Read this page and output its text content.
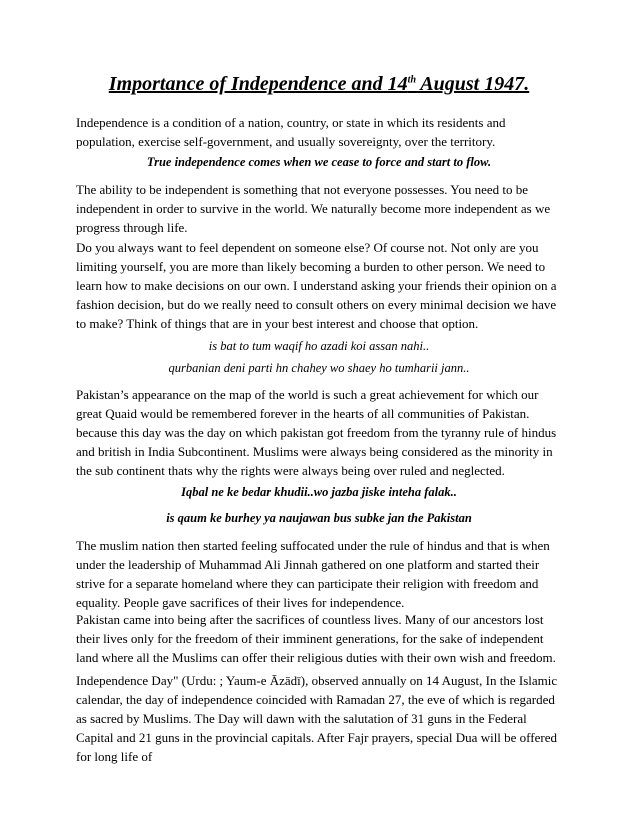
Importance of Independence and 14th August 1947.
Independence is a condition of a nation, country, or state in which its residents and population, exercise self-government, and usually sovereignty, over the territory.
True independence comes when we cease to force and start to flow.
The ability to be independent is something that not everyone possesses. You need to be independent in order to survive in the world. We naturally become more independent as we progress through life.
Do you always want to feel dependent on someone else? Of course not. Not only are you limiting yourself, you are more than likely becoming a burden to other person. We need to learn how to make decisions on our own. I understand asking your friends their opinion on a fashion decision, but do we really need to consult others on every minimal decision we have to make? Think of things that are in your best interest and choose that option.
is bat to tum waqif ho azadi koi assan nahi..
qurbanian deni parti hn chahey wo shaey ho tumharii jann..
Pakistan’s appearance on the map of the world is such a great achievement for which our great Quaid would be remembered forever in the hearts of all communities of Pakistan. because this day was the day on which pakistan got freedom from the tyranny rule of hindus and british in India Subcontinent. Muslims were always being considered as the minority in the sub continent thats why the rights were always being over ruled and neglected.
Iqbal ne ke bedar khudii..wo jazba jiske inteha falak..
is qaum ke burhey ya naujawan bus subke jan the Pakistan
The muslim nation then started feeling suffocated under the rule of hindus and that is when under the leadership of Muhammad Ali Jinnah gathered on one platform and started their strive for a separate homeland where they can participate their religion with freedom and equality. People gave sacrifices of their lives for independence.
Pakistan came into being after the sacrifices of countless lives. Many of our ancestors lost their lives only for the freedom of their imminent generations, for the sake of independent land where all the Muslims can offer their religious duties with their own wish and freedom.
Independence Day" (Urdu: ; Yaum-e Āzādī), observed annually on 14 August, In the Islamic calendar, the day of independence coincided with Ramadan 27, the eve of which is regarded as sacred by Muslims. The Day will dawn with the salutation of 31 guns in the Federal Capital and 21 guns in the provincial capitals. After Fajr prayers, special Dua will be offered for long life of
